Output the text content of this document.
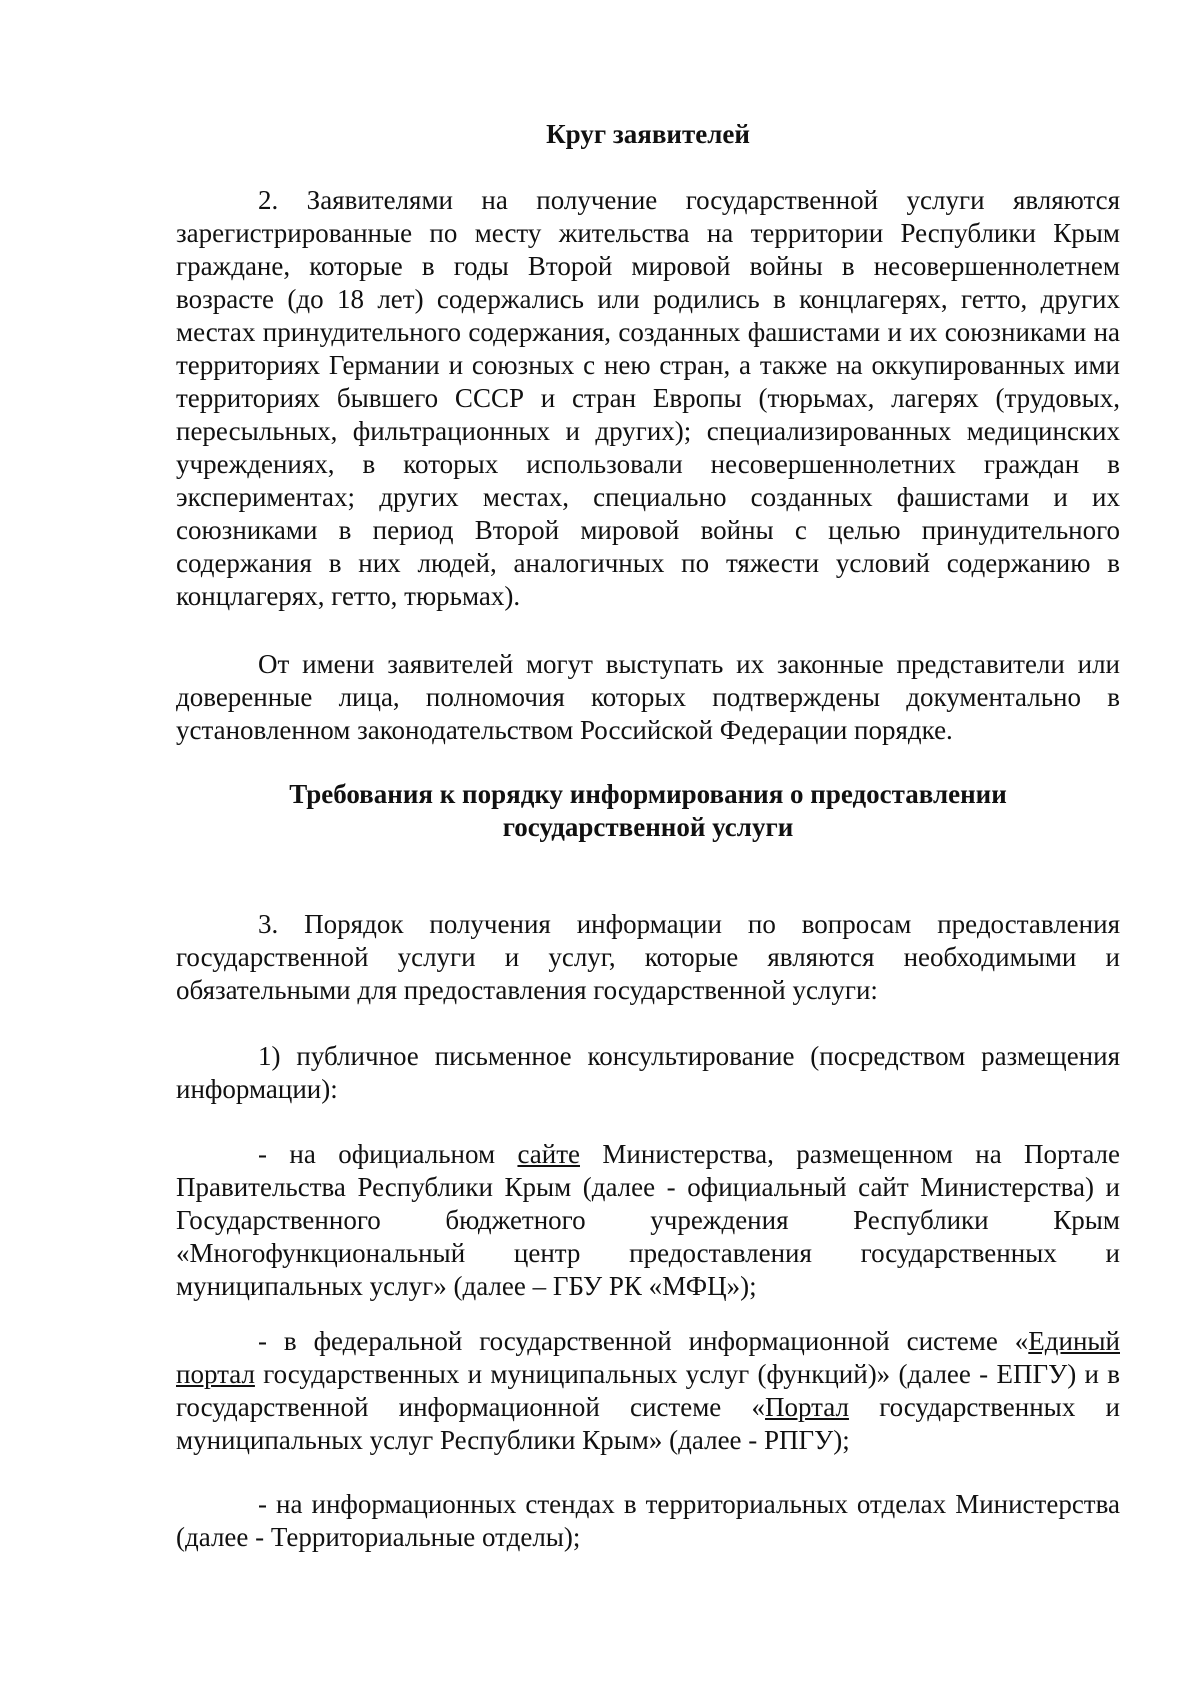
Круг заявителей

2. Заявителями на получение государственной услуги являются зарегистрированные по месту жительства на территории Республики Крым граждане, которые в годы Второй мировой войны в несовершеннолетнем возрасте (до 18 лет) содержались или родились в концлагерях, гетто, других местах принудительного содержания, созданных фашистами и их союзниками на территориях Германии и союзных с нею стран, а также на оккупированных ими территориях бывшего СССР и стран Европы (тюрьмах, лагерях (трудовых, пересыльных, фильтрационных и других); специализированных медицинских учреждениях, в которых использовали несовершеннолетних граждан в экспериментах; других местах, специально созданных фашистами и их союзниками в период Второй мировой войны с целью принудительного содержания в них людей, аналогичных по тяжести условий содержанию в концлагерях, гетто, тюрьмах).

От имени заявителей могут выступать их законные представители или доверенные лица, полномочия которых подтверждены документально в установленном законодательством Российской Федерации порядке.

Требования к порядку информирования о предоставлении
государственной услуги

3. Порядок получения информации по вопросам предоставления государственной услуги и услуг, которые являются необходимыми и обязательными для предоставления государственной услуги:

1) публичное письменное консультирование (посредством размещения информации):

- на официальном сайте Министерства, размещенном на Портале Правительства Республики Крым (далее - официальный сайт Министерства) и Государственного бюджетного учреждения Республики Крым «Многофункциональный центр предоставления государственных и муниципальных услуг» (далее – ГБУ РК «МФЦ»);

- в федеральной государственной информационной системе «Единый портал государственных и муниципальных услуг (функций)» (далее - ЕПГУ) и в государственной информационной системе «Портал государственных и муниципальных услуг Республики Крым» (далее - РПГУ);

- на информационных стендах в территориальных отделах Министерства (далее - Территориальные отделы);
